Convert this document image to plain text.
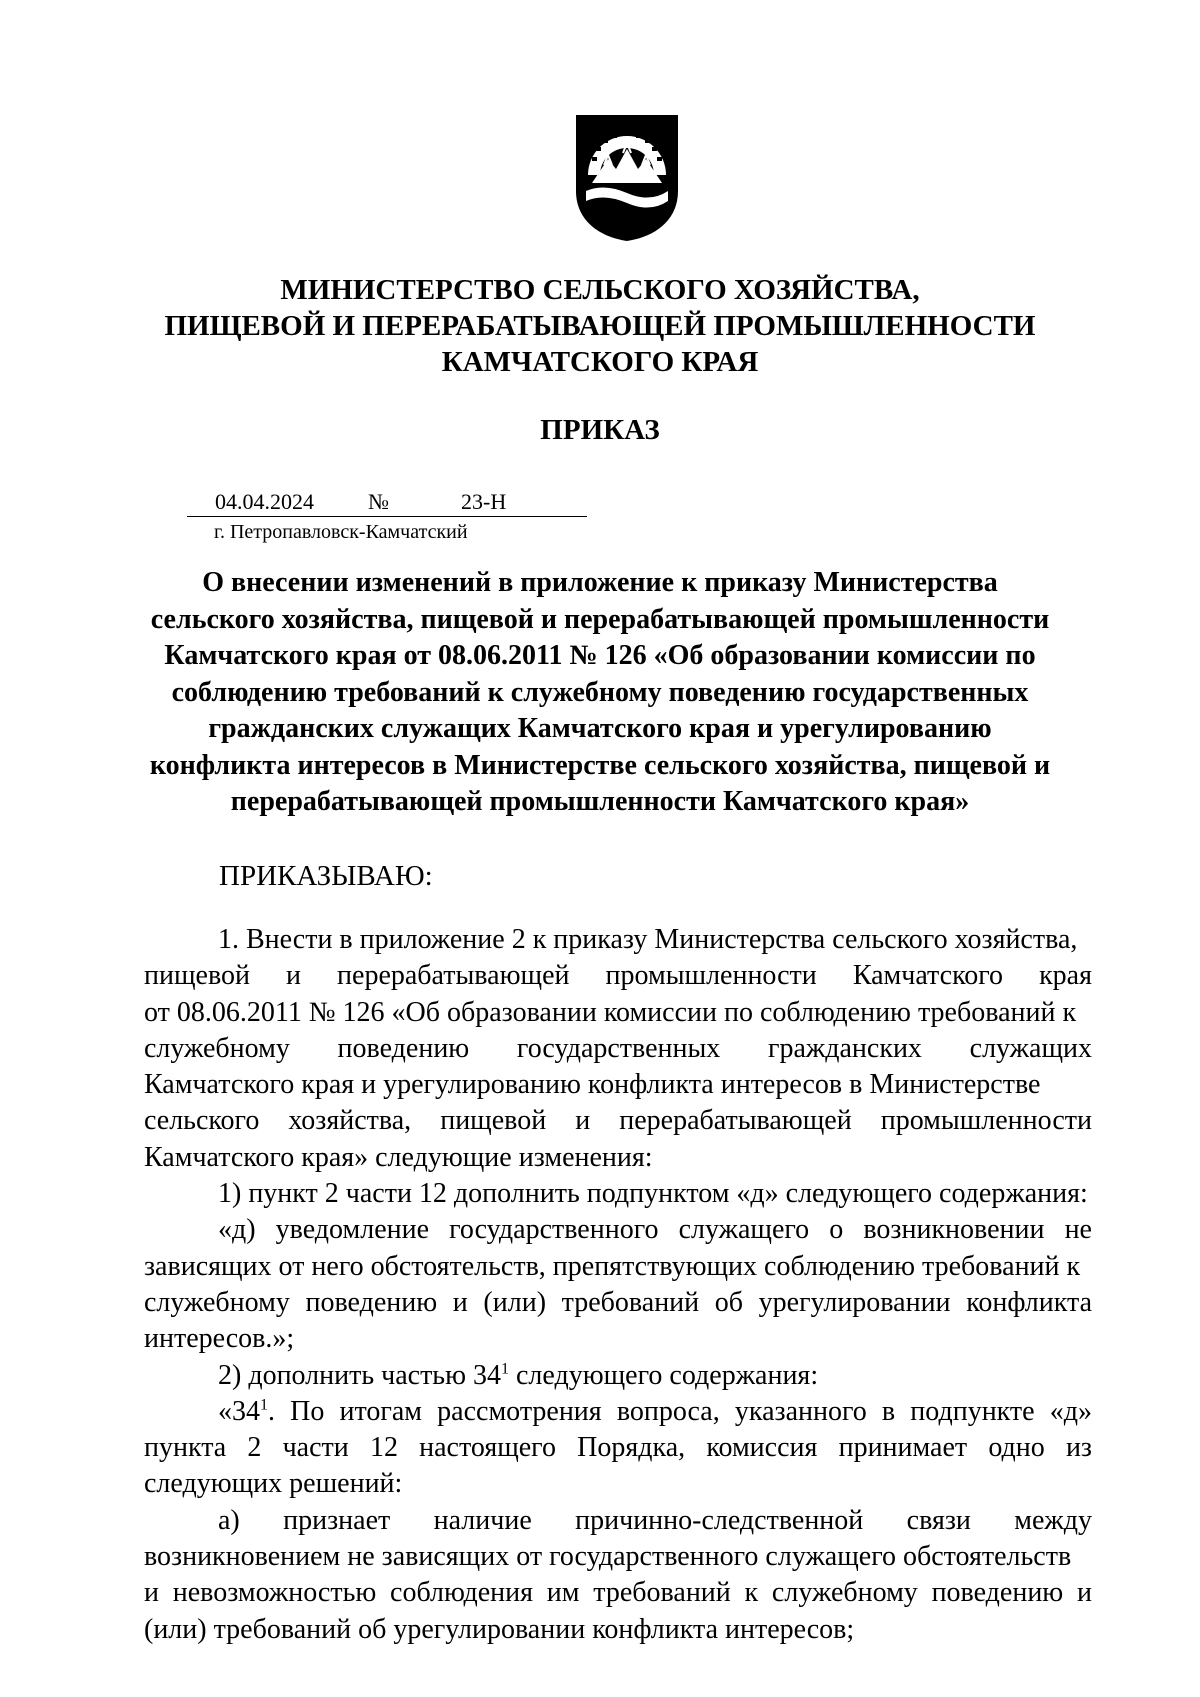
МИНИСТЕРСТВО СЕЛЬСКОГО ХОЗЯЙСТВА,
ПИЩЕВОЙ И ПЕРЕРАБАТЫВАЮЩЕЙ ПРОМЫШЛЕННОСТИ
КАМЧАТСКОГО КРАЯ
ПРИКАЗ
04.04.2024 №	23-Н
г. Петропавловск-Камчатский
О внесении изменений в приложение к приказу Министерства
сельского хозяйства, пищевой и перерабатывающей промышленности
Камчатского края от 08.06.2011 № 126 «Об образовании комиссии по
соблюдению требований к служебному поведению государственных
гражданских служащих Камчатского края и урегулированию
конфликта интересов в Министерстве сельского хозяйства, пищевой и
перерабатывающей промышленности Камчатского края»
ПРИКАЗЫВАЮ:
1. Внести в приложение 2 к приказу Министерства сельского хозяйства,
пищевой и перерабатывающей промышленности Камчатского края
от 08.06.2011 № 126 «Об образовании комиссии по соблюдению требований к
служебному поведению государственных гражданских служащих
Камчатского края и урегулированию конфликта интересов в Министерстве
сельского хозяйства, пищевой и перерабатывающей промышленности
Камчатского края» следующие изменения:
1) пункт 2 части 12 дополнить подпунктом «д» следующего содержания:
«д) уведомление государственного служащего о возникновении не
зависящих от него обстоятельств, препятствующих соблюдению требований к
служебному поведению и (или) требований об урегулировании конфликта
интересов.»;
2) дополнить частью $34^1$ следующего содержания:
«$34^1$. По итогам рассмотрения вопроса, указанного в подпункте «д»
пункта 2 части 12 настоящего Порядка, комиссия принимает одно из
следующих решений:
а) признает наличие причинно-следственной связи между
возникновением не зависящих от государственного служащего обстоятельств
и невозможностью соблюдения им требований к служебному поведению и
(или) требований об урегулировании конфликта интересов;
